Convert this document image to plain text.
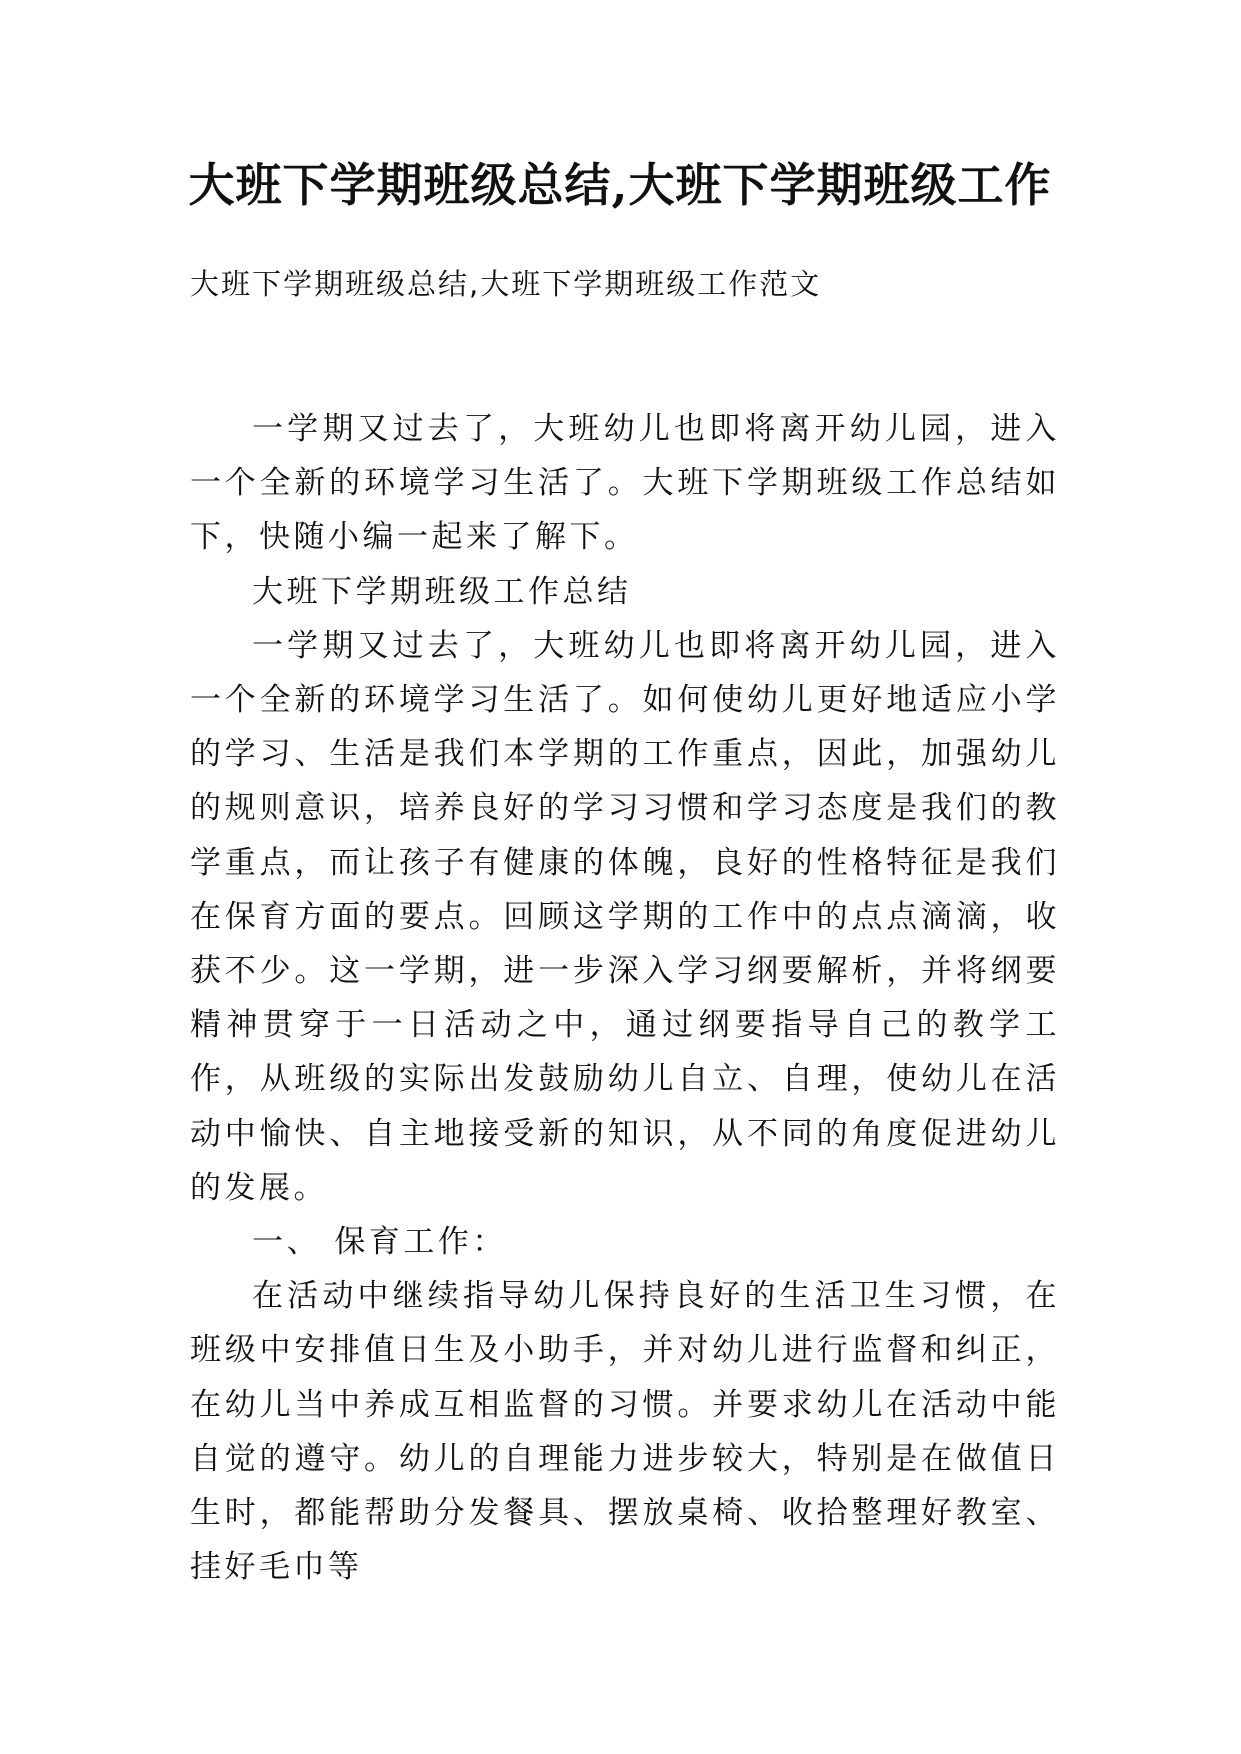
大班下学期班级总结,大班下学期班级工作
大班下学期班级总结,大班下学期班级工作范文

一学期又过去了，大班幼儿也即将离开幼儿园，进入一个全新的环境学习生活了。大班下学期班级工作总结如下，快随小编一起来了解下。

大班下学期班级工作总结

一学期又过去了，大班幼儿也即将离开幼儿园，进入一个全新的环境学习生活了。如何使幼儿更好地适应小学的学习、生活是我们本学期的工作重点，因此，加强幼儿的规则意识，培养良好的学习习惯和学习态度是我们的教学重点，而让孩子有健康的体魄，良好的性格特征是我们在保育方面的要点。回顾这学期的工作中的点点滴滴，收获不少。这一学期，进一步深入学习纲要解析，并将纲要精神贯穿于一日活动之中，通过纲要指导自己的教学工作，从班级的实际出发鼓励幼儿自立、自理，使幼儿在活动中愉快、自主地接受新的知识，从不同的角度促进幼儿的发展。

一、 保育工作：

在活动中继续指导幼儿保持良好的生活卫生习惯，在班级中安排值日生及小助手，并对幼儿进行监督和纠正，在幼儿当中养成互相监督的习惯。并要求幼儿在活动中能自觉的遵守。幼儿的自理能力进步较大，特别是在做值日生时，都能帮助分发餐具、摆放桌椅、收拾整理好教室、挂好毛巾等
